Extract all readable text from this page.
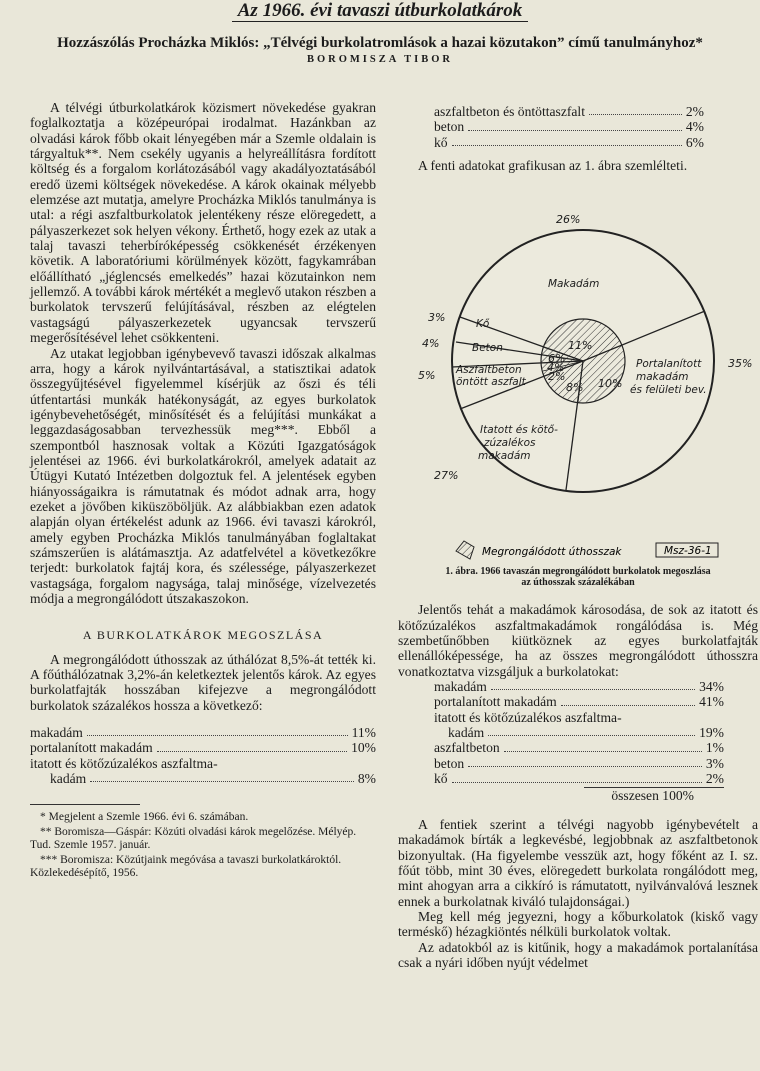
Az 1966. évi tavaszi útburkolatkárok
Hozzászólás Procházka Miklós: „Télvégi burkolatromlások a hazai közutakon” című tanulmányhoz*
BOROMISZA TIBOR

A télvégi útburkolatkárok közismert növekedése gyakran foglalkoztatja a középeurópai irodalmat. Hazánkban az olvadási károk főbb okait lényegében már a Szemle oldalain is tárgyaltuk**. Nem csekély ugyanis a helyreállításra fordított költség és a forgalom korlátozásából vagy akadályoztatásából eredő üzemi költségek növekedése. A károk okainak mélyebb elemzése azt mutatja, amelyre Procházka Miklós tanulmánya is utal: a régi aszfaltburkolatok jelentékeny része elöregedett, a pályaszerkezet sok helyen vékony. Érthető, hogy ezek az utak a talaj tavaszi teherbíróképesség csökkenését érzékenyen követik. A laboratóriumi körülmények között, fagykamrában előállítható „jéglencsés emelkedés” hazai közutainkon nem jellemző. A további károk mértékét a meglevő utakon részben a burkolatok tervszerű felújításával, részben az elégtelen vastagságú pályaszerkezetek ugyancsak tervszerű megerősítésével lehet csökkenteni.

Az utakat legjobban igénybevevő tavaszi időszak alkalmas arra, hogy a károk nyilvántartásával, a statisztikai adatok összegyűjtésével figyelemmel kísérjük az őszi és téli útfentartási munkák hatékonyságát, az egyes burkolatok igénybevehetőségét, minősítését és a felújítási munkákat a leggazdaságosabban tervezhessük meg***. Ebből a szempontból hasznosak voltak a Közúti Igazgatóságok jelentései az 1966. évi burkolatkárokról, amelyek adatait az Útügyi Kutató Intézetben dolgoztuk fel. A jelentések egyben hiányosságaikra is rámutatnak és módot adnak arra, hogy ezeket a jövőben kiküszöböljük. Az alábbiakban ezen adatok alapján olyan értékelést adunk az 1966. évi tavaszi károkról, amely egyben Procházka Miklós tanulmányában foglaltakat számszerűen is alátámasztja. Az adatfelvétel a következőkre terjedt: burkolatok fajtáj kora, és szélessége, pályaszerkezet vastagsága, forgalom nagysága, talaj minősége, vízelvezetés módja a megrongálódott útszakaszokon.

A BURKOLATKÁROK MEGOSZLÁSA

A megrongálódott úthosszak az úthálózat 8,5%-át tették ki. A főúthálózatnak 3,2%-án keletkeztek jelentős károk. Az egyes burkolatfajták hosszában kifejezve a megrongálódott burkolatok százalékos hossza a következő:

makadám	11%
portalanított makadám	10%
itatott és kötőzúzalékos aszfaltma-
kadám	8%
* Megjelent a Szemle 1966. évi 6. számában.
** Boromisza—Gáspár: Közúti olvadási károk megelőzése. Mélyép. Tud. Szemle 1957. január.
*** Boromisza: Közútjaink megóvása a tavaszi burkolatkároktól. Közlekedésépítő, 1956.
aszfaltbeton és öntöttaszfalt	2%
beton	4%
kő	6%

A fenti adatokat grafikusan az 1. ábra szemlélteti.

26%
Makadám
3%	Kő
4%	Beton
5% Aszfaltbeton öntött aszfalt
Itatott és kötő-zúzalékos makadám
27%
Portalanított makadám és felületi bev.
35%
11%
6%
4%
2%
8% 10%
Megrongálódott úthosszak	Msz-36-1
1. ábra. 1966 tavaszán megrongálódott burkolatok megoszlása
az úthosszak százalékában

Jelentős tehát a makadámok károsodása, de sok az itatott és kötőzúzalékos aszfaltmakadámok rongálódása is. Még szembetűnőbben kiütköznek az egyes burkolatfajták ellenállóképessége, ha az összes megrongálódott úthosszra vonatkoztatva vizsgáljuk a burkolatokat:

makadám	34%
portalanított makadám	41%
itatott és kötőzúzalékos aszfaltma-
kadám	19%
aszfaltbeton	1%
beton	3%
kő	2%
összesen 100%

A fentiek szerint a télvégi nagyobb igénybevételt a makadámok bírták a legkevésbé, legjobbnak az aszfaltbetonok bizonyultak. (Ha figyelembe vesszük azt, hogy főként az I. sz. főút több, mint 30 éves, elöregedett burkolata rongálódott meg, mint ahogyan arra a cikkíró is rámutatott, nyilvánvalóvá lesznek ennek a burkolatnak kiváló tulajdonságai.)

Meg kell még jegyezni, hogy a kőburkolatok (kiskő vagy terméskő) hézagkiöntés nélküli burkolatok voltak.

Az adatokból az is kitűnik, hogy a makadámok portalanítása csak a nyári időben nyújt védelmet
